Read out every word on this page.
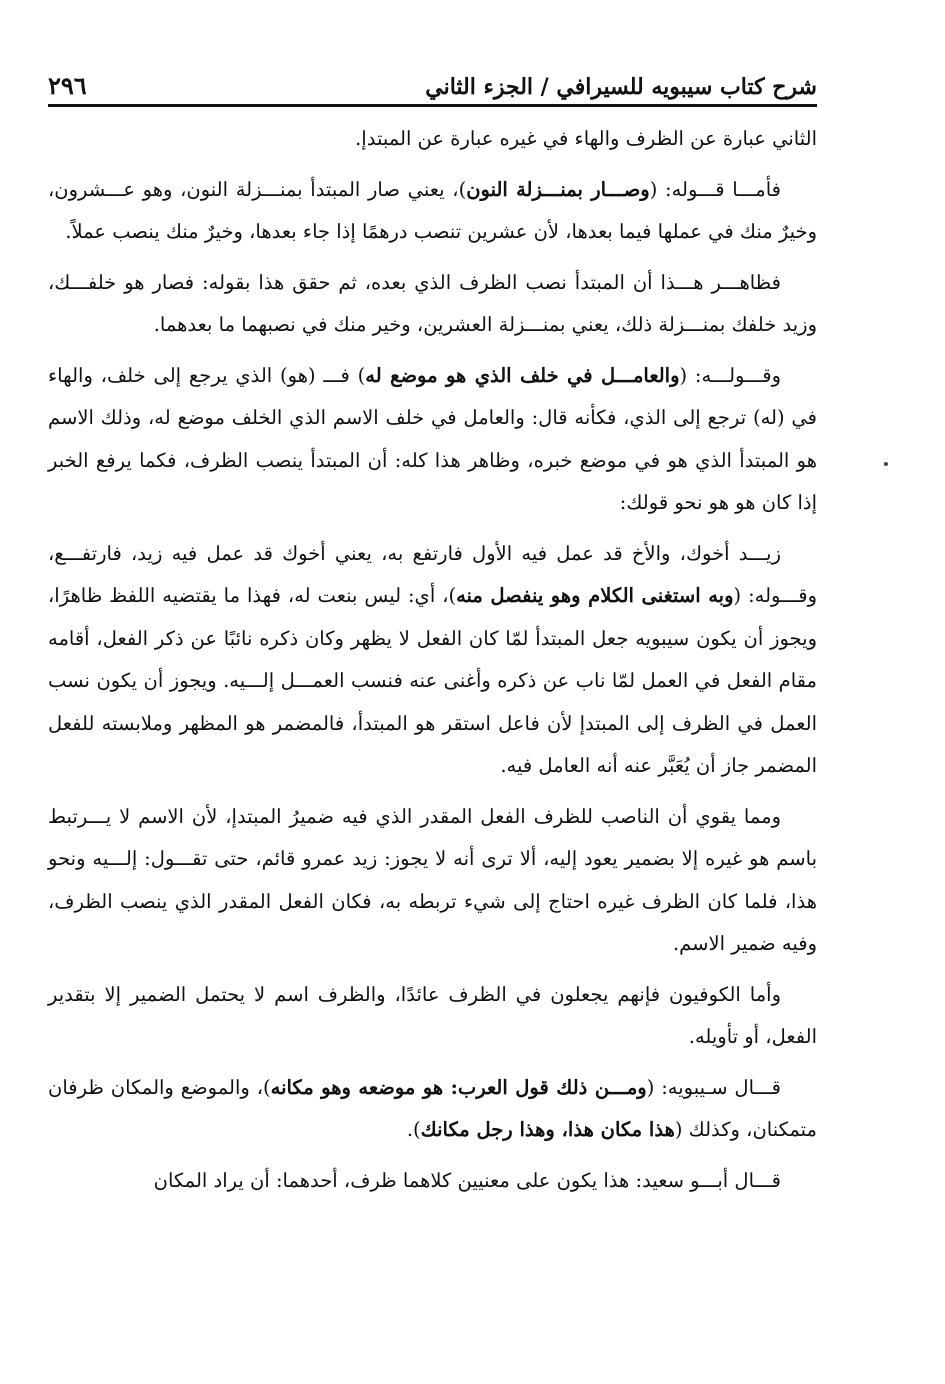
شرح كتاب سيبويه للسيرافي / الجزء الثاني
٢٩٦

الثاني عبارة عن الظرف والهاء في غيره عبارة عن المبتدإ.

فأمـــا قـــوله: (وصـــار بمنـــزلة النون)، يعني صار المبتدأ بمنـــزلة النون، وهو عـــشرون، وخيرٌ منك في عملها فيما بعدها، لأن عشرين تنصب درهمًا إذا جاء بعدها، وخيرٌ منك ينصب عملاً.

فظاهـــر هـــذا أن المبتدأ نصب الظرف الذي بعده، ثم حقق هذا بقوله: فصار هو خلفـــك، وزيد خلفك بمنـــزلة ذلك، يعني بمنـــزلة العشرين، وخير منك في نصبهما ما بعدهما.

وقـــولـــه: (والعامـــل في خلف الذي هو موضع له) فـــ (هو) الذي يرجع إلى خلف، والهاء في (له) ترجع إلى الذي، فكأنه قال: والعامل في خلف الاسم الذي الخلف موضع له، وذلك الاسم هو المبتدأ الذي هو في موضع خبره، وظاهر هذا كله: أن المبتدأ ينصب الظرف، فكما يرفع الخبر إذا كان هو هو نحو قولك:

زيـــد أخوك، والأخ قد عمل فيه الأول فارتفع به، يعني أخوك قد عمل فيه زيد، فارتفـــع، وقـــوله: (وبه استغنى الكلام وهو ينفصل منه)، أي: ليس بنعت له، فهذا ما يقتضيه اللفظ ظاهرًا، ويجوز أن يكون سيبويه جعل المبتدأ لمّا كان الفعل لا يظهر وكان ذكره نائبًا عن ذكر الفعل، أقامه مقام الفعل في العمل لمّا ناب عن ذكره وأغنى عنه فنسب العمـــل إلـــيه. ويجوز أن يكون نسب العمل في الظرف إلى المبتدإ لأن فاعل استقر هو المبتدأ، فالمضمر هو المظهر وملابسته للفعل المضمر جاز أن يُعَبَّر عنه أنه العامل فيه.

ومما يقوي أن الناصب للظرف الفعل المقدر الذي فيه ضميرُ المبتدإ، لأن الاسم لا يـــرتبط باسم هو غيره إلا بضمير يعود إليه، ألا ترى أنه لا يجوز: زيد عمرو قائم، حتى تقـــول: إلـــيه ونحو هذا، فلما كان الظرف غيره احتاج إلى شيء تربطه به، فكان الفعل المقدر الذي ينصب الظرف، وفيه ضمير الاسم.

وأما الكوفيون فإنهم يجعلون في الظرف عائدًا، والظرف اسم لا يحتمل الضمير إلا بتقدير الفعل، أو تأويله.

قـــال سـيبويه: (ومـــن ذلك قول العرب: هو موضعه وهو مكانه)، والموضع والمكان ظرفان متمكنان، وكذلك (هذا مكان هذا، وهذا رجل مكانك).

قـــال أبـــو سعيد: هذا يكون على معنيين كلاهما ظرف، أحدهما: أن يراد المكان
